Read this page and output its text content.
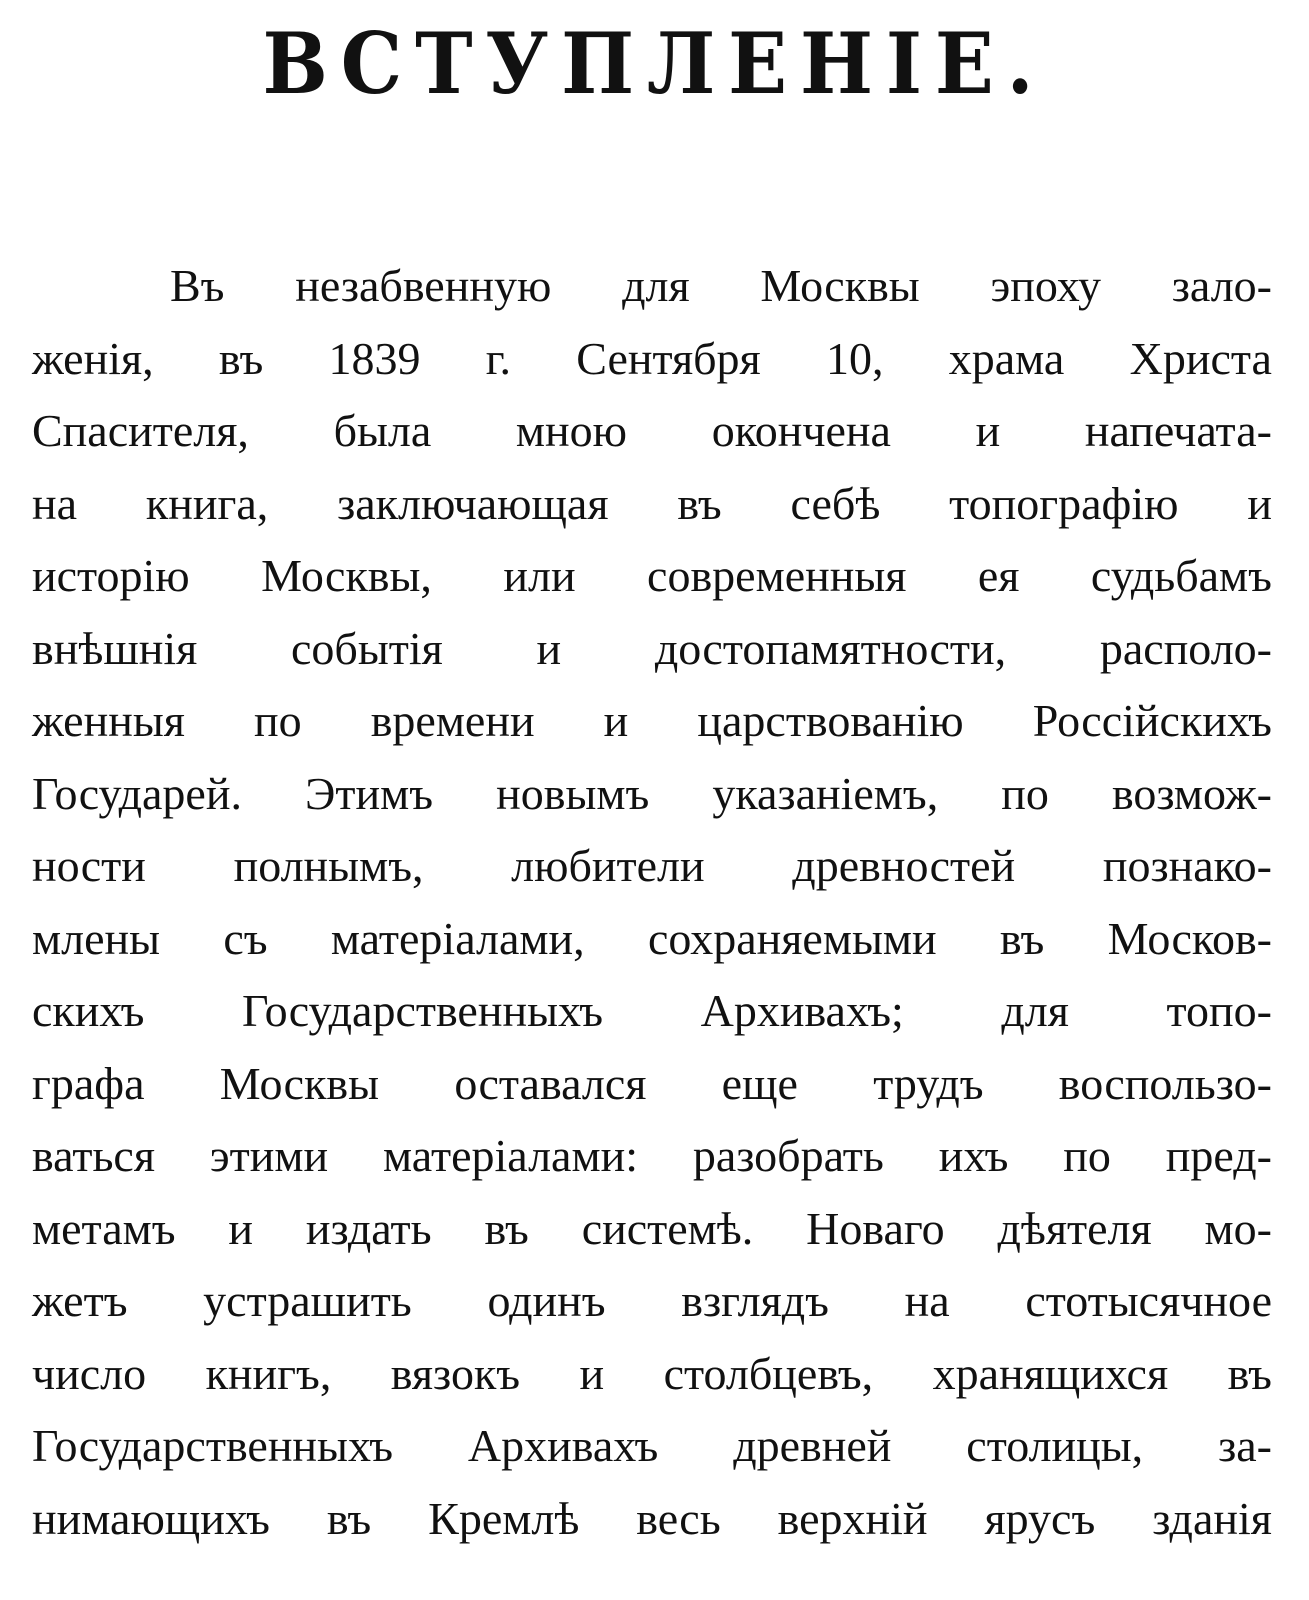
ВСТУПЛЕНІЕ.
Въ незабвенную для Москвы эпоху зало-
женія, въ 1839 г. Сентября 10, храма Христа
Спасителя, была мною окончена и напечата-
на книга, заключающая въ себѣ топографію и
исторію Москвы, или современныя ея судьбамъ
внѣшнія событія и достопамятности, располо-
женныя по времени и царствованію Россійскихъ
Государей. Этимъ новымъ указаніемъ, по возмож-
ности полнымъ, любители древностей познако-
млены съ матеріалами, сохраняемыми въ Москов-
скихъ Государственныхъ Архивахъ; для топо-
графа Москвы оставался еще трудъ воспользо-
ваться этими матеріалами: разобрать ихъ по пред-
метамъ и издать въ системѣ. Новаго дѣятеля мо-
жетъ устрашить одинъ взглядъ на стотысячное
число книгъ, вязокъ и столбцевъ, хранящихся въ
Государственныхъ Архивахъ древней столицы, за-
нимающихъ въ Кремлѣ весь верхній ярусъ зданія
